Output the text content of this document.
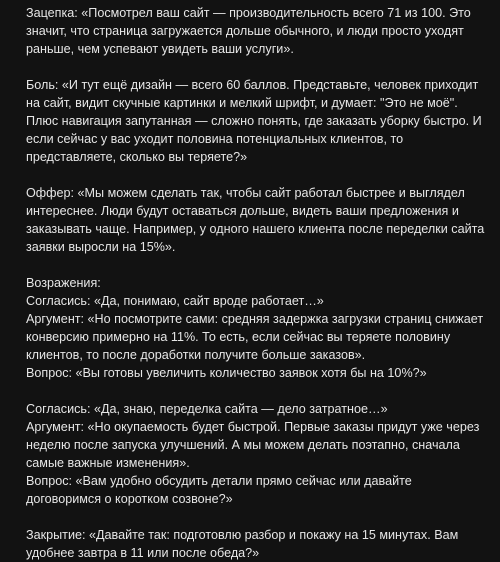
Зацепка: «Посмотрел ваш сайт — производительность всего 71 из 100. Это значит, что страница загружается дольше обычного, и люди просто уходят раньше, чем успевают увидеть ваши услуги».
Боль: «И тут ещё дизайн — всего 60 баллов. Представьте, человек приходит на сайт, видит скучные картинки и мелкий шрифт, и думает: "Это не моё". Плюс навигация запутанная — сложно понять, где заказать уборку быстро. И если сейчас у вас уходит половина потенциальных клиентов, то представляете, сколько вы теряете?»
Оффер: «Мы можем сделать так, чтобы сайт работал быстрее и выглядел интереснее. Люди будут оставаться дольше, видеть ваши предложения и заказывать чаще. Например, у одного нашего клиента после переделки сайта заявки выросли на 15%».
Возражения:
Согласись: «Да, понимаю, сайт вроде работает…»
Аргумент: «Но посмотрите сами: средняя задержка загрузки страниц снижает конверсию примерно на 11%. То есть, если сейчас вы теряете половину клиентов, то после доработки получите больше заказов».
Вопрос: «Вы готовы увеличить количество заявок хотя бы на 10%?»
Согласись: «Да, знаю, переделка сайта — дело затратное…»
Аргумент: «Но окупаемость будет быстрой. Первые заказы придут уже через неделю после запуска улучшений. А мы можем делать поэтапно, сначала самые важные изменения».
Вопрос: «Вам удобно обсудить детали прямо сейчас или давайте договоримся о коротком созвоне?»
Закрытие: «Давайте так: подготовлю разбор и покажу на 15 минутах. Вам удобнее завтра в 11 или после обеда?»
